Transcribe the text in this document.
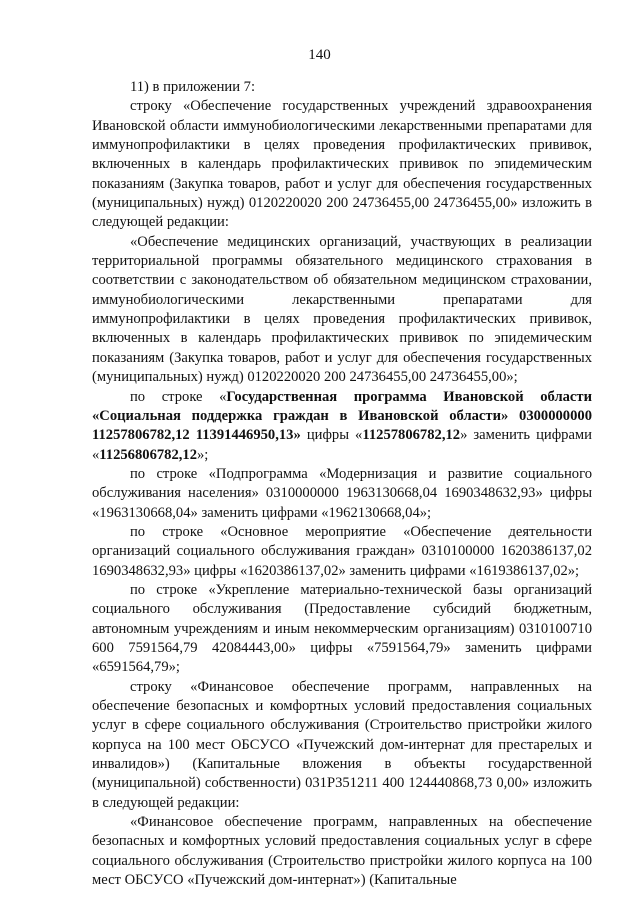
140

11) в приложении 7:

строку «Обеспечение государственных учреждений здравоохранения Ивановской области иммунобиологическими лекарственными препаратами для иммунопрофилактики в целях проведения профилактических прививок, включенных в календарь профилактических прививок по эпидемическим показаниям (Закупка товаров, работ и услуг для обеспечения государственных (муниципальных) нужд) 0120220020 200 24736455,00 24736455,00» изложить в следующей редакции:

«Обеспечение медицинских организаций, участвующих в реализации территориальной программы обязательного медицинского страхования в соответствии с законодательством об обязательном медицинском страховании, иммунобиологическими лекарственными препаратами для иммунопрофилактики в целях проведения профилактических прививок, включенных в календарь профилактических прививок по эпидемическим показаниям (Закупка товаров, работ и услуг для обеспечения государственных (муниципальных) нужд) 0120220020 200 24736455,00 24736455,00»;

по строке «Государственная программа Ивановской области «Социальная поддержка граждан в Ивановской области» 0300000000 11257806782,12 11391446950,13» цифры «11257806782,12» заменить цифрами «11256806782,12»;

по строке «Подпрограмма «Модернизация и развитие социального обслуживания населения» 0310000000 1963130668,04 1690348632,93» цифры «1963130668,04» заменить цифрами «1962130668,04»;

по строке «Основное мероприятие «Обеспечение деятельности организаций социального обслуживания граждан» 0310100000 1620386137,02 1690348632,93» цифры «1620386137,02» заменить цифрами «1619386137,02»;

по строке «Укрепление материально-технической базы организаций социального обслуживания (Предоставление субсидий бюджетным, автономным учреждениям и иным некоммерческим организациям) 0310100710 600 7591564,79 42084443,00» цифры «7591564,79» заменить цифрами «6591564,79»;

строку «Финансовое обеспечение программ, направленных на обеспечение безопасных и комфортных условий предоставления социальных услуг в сфере социального обслуживания (Строительство пристройки жилого корпуса на 100 мест ОБСУСО «Пучежский дом-интернат для престарелых и инвалидов») (Капитальные вложения в объекты государственной (муниципальной) собственности) 031P351211 400 124440868,73 0,00» изложить в следующей редакции:

«Финансовое обеспечение программ, направленных на обеспечение безопасных и комфортных условий предоставления социальных услуг в сфере социального обслуживания (Строительство пристройки жилого корпуса на 100 мест ОБСУСО «Пучежский дом-интернат») (Капитальные
